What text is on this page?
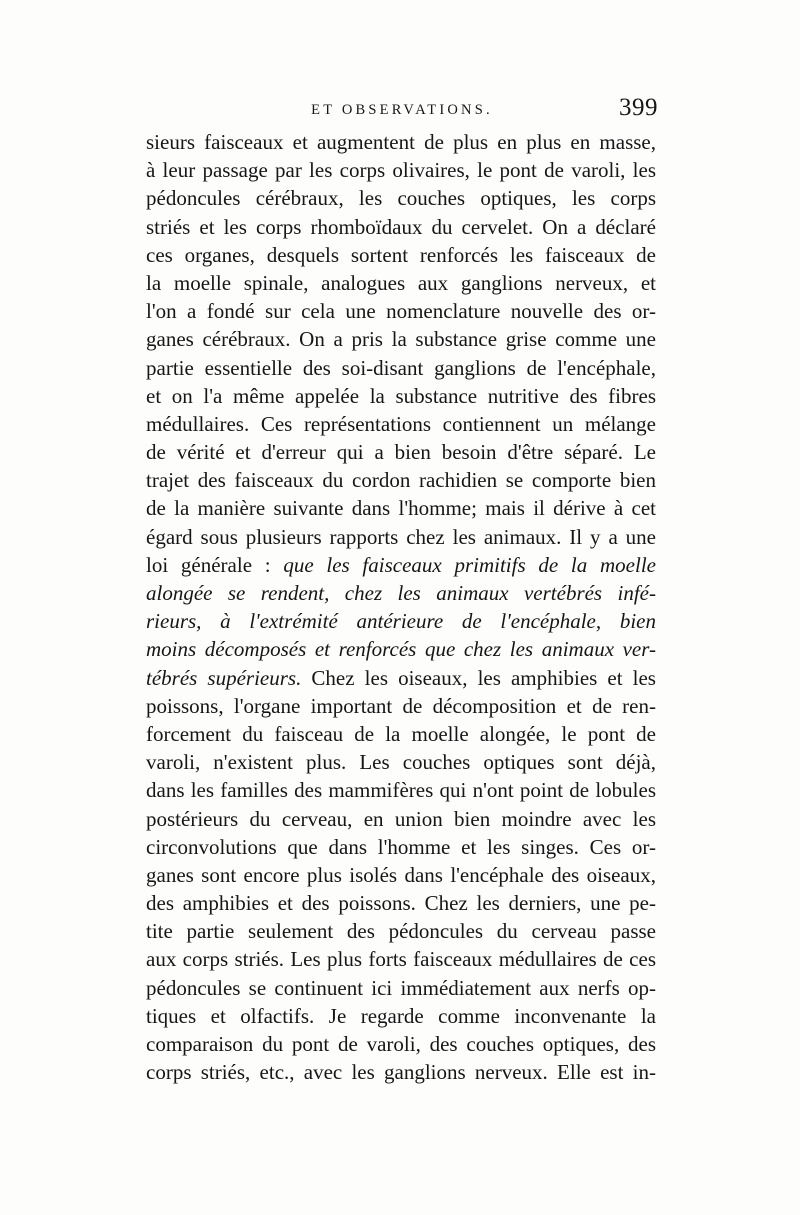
ET OBSERVATIONS.	399
sieurs faisceaux et augmentent de plus en plus en masse,
à leur passage par les corps olivaires, le pont de varoli, les
pédoncules cérébraux, les couches optiques, les corps
striés et les corps rhomboïdaux du cervelet. On a déclaré
ces organes, desquels sortent renforcés les faisceaux de
la moelle spinale, analogues aux ganglions nerveux, et
l'on a fondé sur cela une nomenclature nouvelle des or-
ganes cérébraux. On a pris la substance grise comme une
partie essentielle des soi-disant ganglions de l'encéphale,
et on l'a même appelée la substance nutritive des fibres
médullaires. Ces représentations contiennent un mélange
de vérité et d'erreur qui a bien besoin d'être séparé. Le
trajet des faisceaux du cordon rachidien se comporte bien
de la manière suivante dans l'homme; mais il dérive à cet
égard sous plusieurs rapports chez les animaux. Il y a une
loi générale : que les faisceaux primitifs de la moelle
alongée se rendent, chez les animaux vertébrés infé-
rieurs, à l'extrémité antérieure de l'encéphale, bien
moins décomposés et renforcés que chez les animaux ver-
tébrés supérieurs. Chez les oiseaux, les amphibies et les
poissons, l'organe important de décomposition et de ren-
forcement du faisceau de la moelle alongée, le pont de
varoli, n'existent plus. Les couches optiques sont déjà,
dans les familles des mammifères qui n'ont point de lobules
postérieurs du cerveau, en union bien moindre avec les
circonvolutions que dans l'homme et les singes. Ces or-
ganes sont encore plus isolés dans l'encéphale des oiseaux,
des amphibies et des poissons. Chez les derniers, une pe-
tite partie seulement des pédoncules du cerveau passe
aux corps striés. Les plus forts faisceaux médullaires de ces
pédoncules se continuent ici immédiatement aux nerfs op-
tiques et olfactifs. Je regarde comme inconvenante la
comparaison du pont de varoli, des couches optiques, des
corps striés, etc., avec les ganglions nerveux. Elle est in-
